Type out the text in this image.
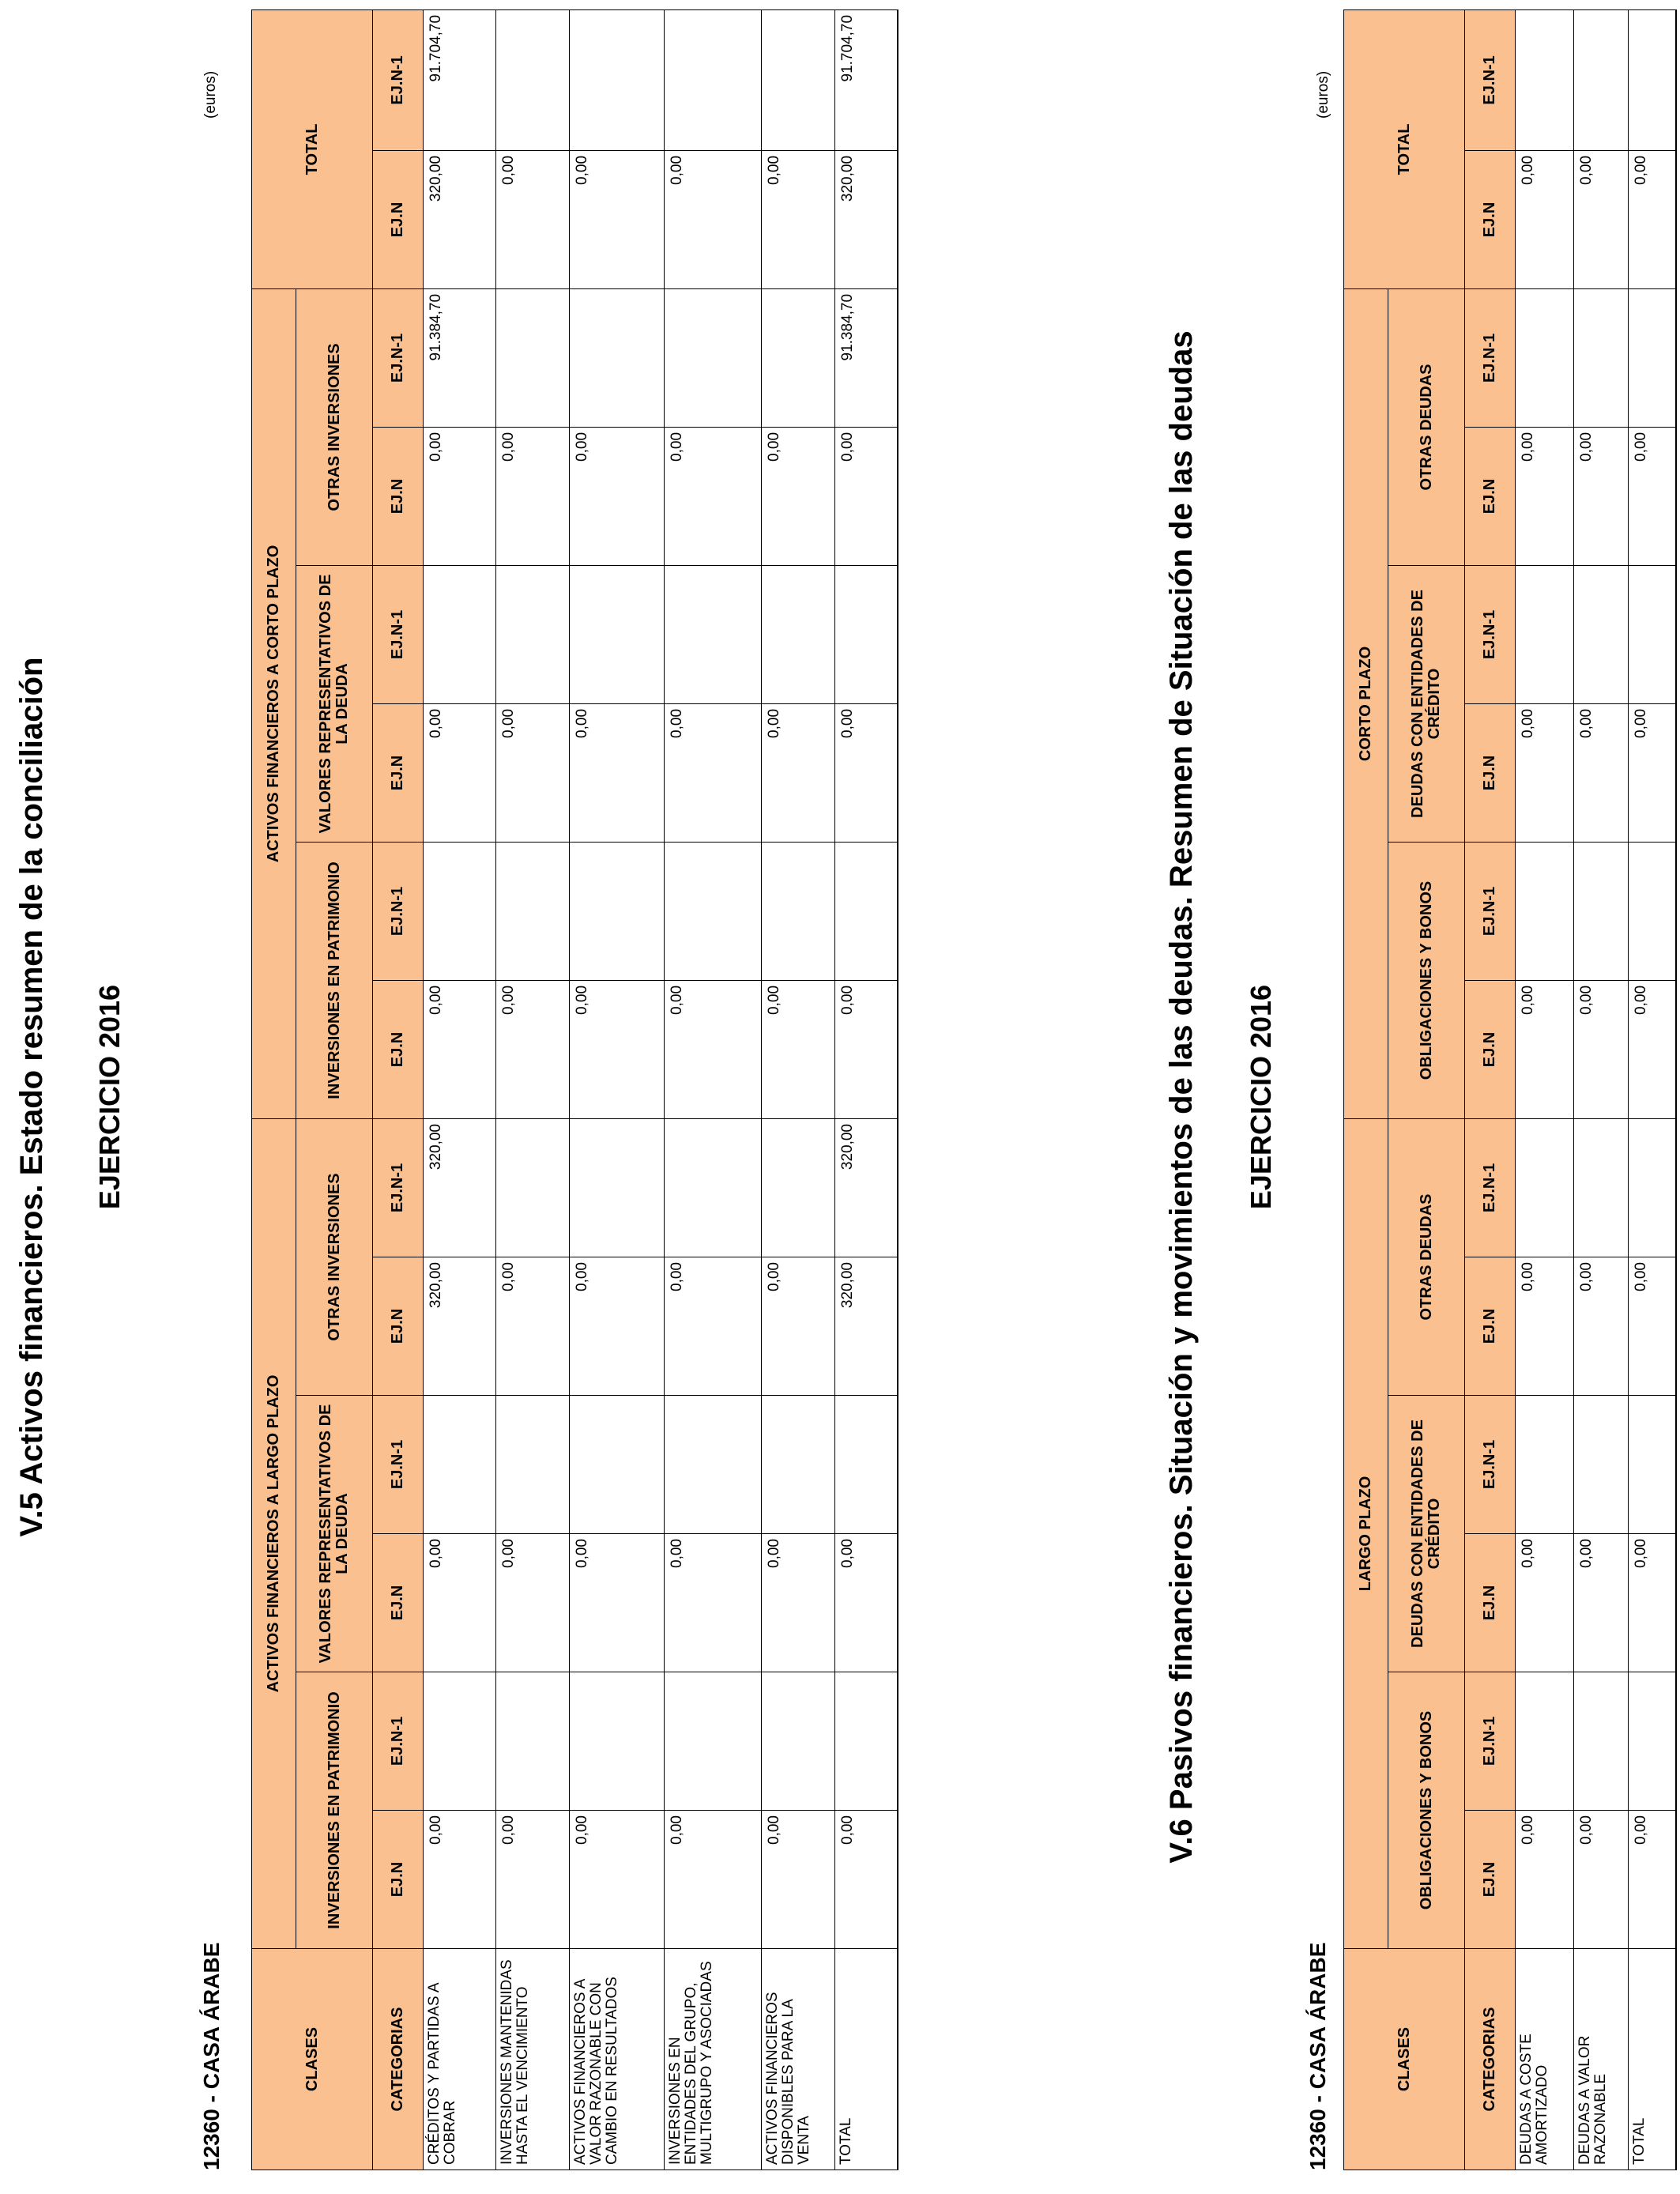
V.5 Activos financieros. Estado resumen de la conciliación EJERCICIO 2016
12360 - CASA ÁRABE
(euros)
CLASES	ACTIVOS FINANCIEROS A LARGO PLAZO						ACTIVOS FINANCIEROS A CORTO PLAZO						TOTAL	
	INVERSIONES EN PATRIMONIO		VALORES REPRESENTATIVOS DE LA DEUDA		OTRAS INVERSIONES		INVERSIONES EN PATRIMONIO		VALORES REPRESENTATIVOS DE LA DEUDA		OTRAS INVERSIONES			
CATEGORIAS	EJ.N	EJ.N-1	EJ.N	EJ.N-1	EJ.N	EJ.N-1	EJ.N	EJ.N-1	EJ.N	EJ.N-1	EJ.N	EJ.N-1	EJ.N	EJ.N-1
CRÉDITOS Y PARTIDAS A COBRAR	0,00		0,00		320,00	320,00	0,00		0,00		0,00	91.384,70	320,00	91.704,70
INVERSIONES MANTENIDAS HASTA EL VENCIMIENTO	0,00		0,00		0,00		0,00		0,00		0,00		0,00	
ACTIVOS FINANCIEROS A VALOR RAZONABLE CON CAMBIO EN RESULTADOS	0,00		0,00		0,00		0,00		0,00		0,00		0,00	
INVERSIONES EN ENTIDADES DEL GRUPO, MULTIGRUPO Y ASOCIADAS	0,00		0,00		0,00		0,00		0,00		0,00		0,00	
ACTIVOS FINANCIEROS DISPONIBLES PARA LA VENTA	0,00		0,00		0,00		0,00		0,00		0,00		0,00	
TOTAL	0,00		0,00		320,00	320,00	0,00		0,00		0,00	91.384,70	320,00	91.704,70
V.6 Pasivos financieros. Situación y movimientos de las deudas. Resumen de Situación de las deudas EJERCICIO 2016
12360 - CASA ÁRABE
(euros)
CLASES	LARGO PLAZO						CORTO PLAZO						TOTAL	
	OBLIGACIONES Y BONOS		DEUDAS CON ENTIDADES DE CRÉDITO		OTRAS DEUDAS		OBLIGACIONES Y BONOS		DEUDAS CON ENTIDADES DE CRÉDITO		OTRAS DEUDAS			
CATEGORIAS	EJ.N	EJ.N-1	EJ.N	EJ.N-1	EJ.N	EJ.N-1	EJ.N	EJ.N-1	EJ.N	EJ.N-1	EJ.N	EJ.N-1	EJ.N	EJ.N-1
DEUDAS A COSTE AMORTIZADO	0,00		0,00		0,00		0,00		0,00		0,00		0,00	
DEUDAS A VALOR RAZONABLE	0,00		0,00		0,00		0,00		0,00		0,00		0,00	
TOTAL	0,00		0,00		0,00		0,00		0,00		0,00		0,00	
